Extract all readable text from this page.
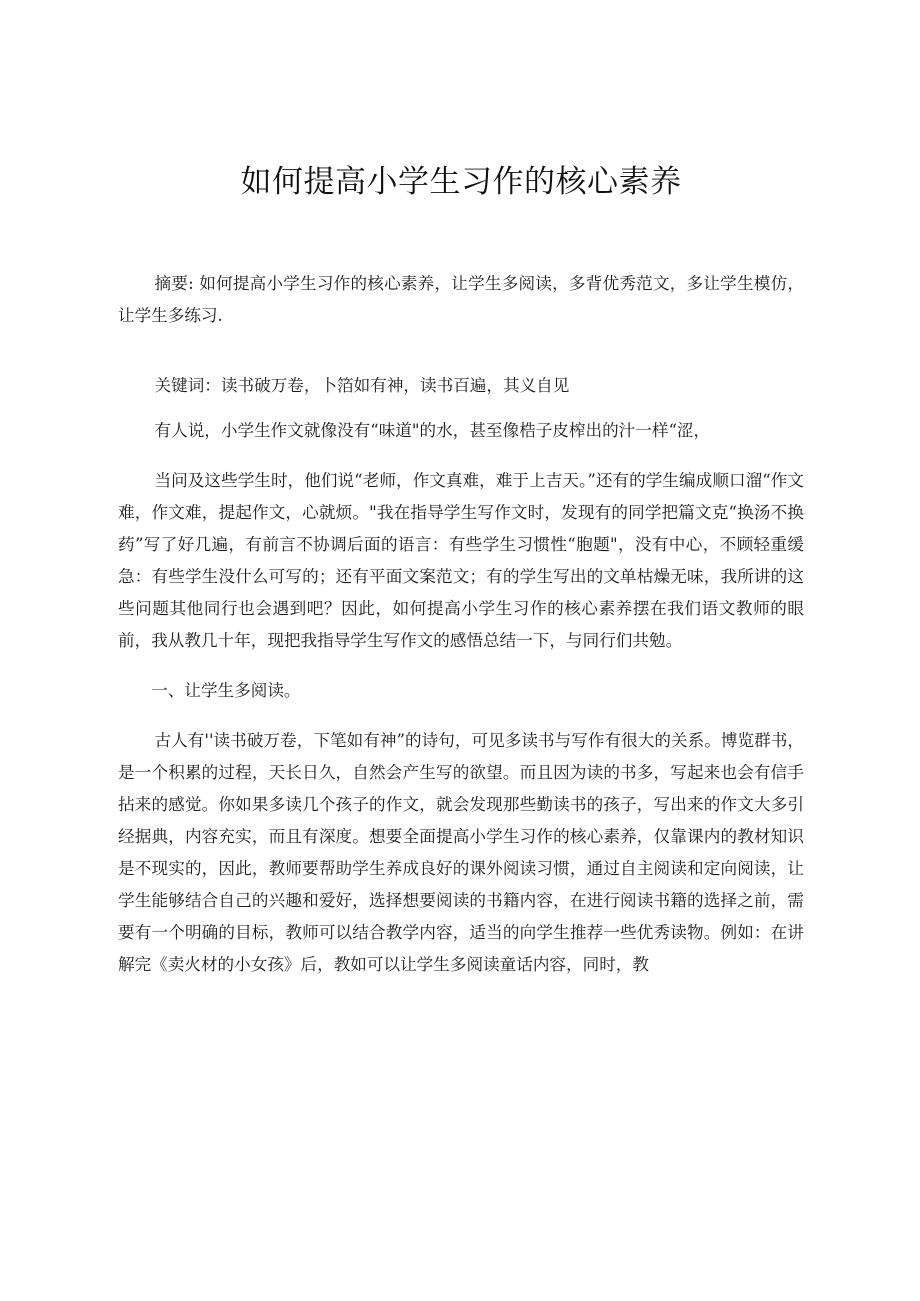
如何提高小学生习作的核心素养

摘要: 如何提高小学生习作的核心素养，让学生多阅读，多背优秀范文，多让学生模仿，让学生多练习.

关键词：读书破万卷，卜箔如有神，读书百遍，其义自见

有人说，小学生作文就像没有“味道"的水，甚至像梏子皮榨出的汁一样“涩，

当问及这些学生时，他们说“老师，作文真难，难于上吉天。”还有的学生编成顺口溜“作文难，作文难，提起作文，心就烦。"我在指导学生写作文时，发现有的同学把篇文克“换汤不换药”写了好几遍，有前言不协调后面的语言：有些学生习惯性“胞题"，没有中心，不顾轻重缓急：有些学生没什么可写的；还有平面文案范文；有的学生写出的文单枯燥无味，我所讲的这些问题其他同行也会遇到吧？因此，如何提高小学生习作的核心素养摆在我们语文教师的眼前，我从教几十年，现把我指导学生写作文的感悟总结一下，与同行们共勉。

一、让学生多阅读。

古人有''读书破万卷，下笔如有神”的诗句，可见多读书与写作有很大的关系。博览群书，是一个积累的过程，天长日久，自然会产生写的欲望。而且因为读的书多，写起来也会有信手拈来的感觉。你如果多读几个孩子的作文，就会发现那些勤读书的孩子，写出来的作文大多引经据典，内容充实，而且有深度。想要全面提高小学生习作的核心素养，仅靠课内的教材知识是不现实的，因此，教师要帮助学生养成良好的课外阅读习惯，通过自主阅读和定向阅读，让学生能够结合自己的兴趣和爱好，选择想要阅读的书籍内容，在进行阅读书籍的选择之前，需要有一个明确的目标，教师可以结合教学内容，适当的向学生推荐一些优秀读物。例如：在讲解完《卖火材的小女孩》后，教如可以让学生多阅读童话内容，同时，教
